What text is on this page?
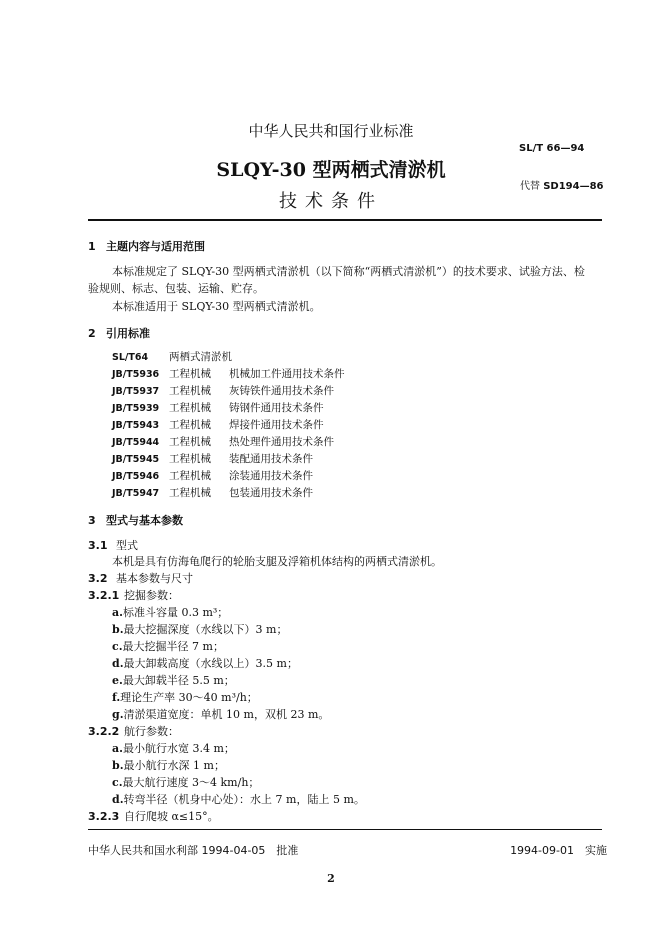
中华人民共和国行业标准
SL/T 66—94
SLQY-30 型两栖式清淤机
代替 SD194—86
技术条件
1 主题内容与适用范围
本标准规定了 SLQY-30 型两栖式清淤机（以下简称“两栖式清淤机”）的技术要求、试验方法、检
验规则、标志、包装、运输、贮存。
本标准适用于 SLQY-30 型两栖式清淤机。
2 引用标准
SL/T64 两栖式清淤机
JB/T5936 工程机械 机械加工件通用技术条件
JB/T5937 工程机械 灰铸铁件通用技术条件
JB/T5939 工程机械 铸钢件通用技术条件
JB/T5943 工程机械 焊接件通用技术条件
JB/T5944 工程机械 热处理件通用技术条件
JB/T5945 工程机械 装配通用技术条件
JB/T5946 工程机械 涂装通用技术条件
JB/T5947 工程机械 包装通用技术条件
3 型式与基本参数
3.1 型式
本机是具有仿海龟爬行的轮胎支腿及浮箱机体结构的两栖式清淤机。
3.2 基本参数与尺寸
3.2.1 挖掘参数：
a.标准斗容量 0.3 m³；
b.最大挖掘深度（水线以下）3 m；
c.最大挖掘半径 7 m；
d.最大卸载高度（水线以上）3.5 m；
e.最大卸载半径 5.5 m；
f.理论生产率 30～40 m³/h；
g.清淤渠道宽度：单机 10 m，双机 23 m。
3.2.2 航行参数：
a.最小航行水宽 3.4 m；
b.最小航行水深 1 m；
c.最大航行速度 3～4 km/h；
d.转弯半径（机身中心处）：水上 7 m，陆上 5 m。
3.2.3 自行爬坡 α≤15°。
中华人民共和国水利部 1994-04-05　批准	1994-09-01　实施
2
